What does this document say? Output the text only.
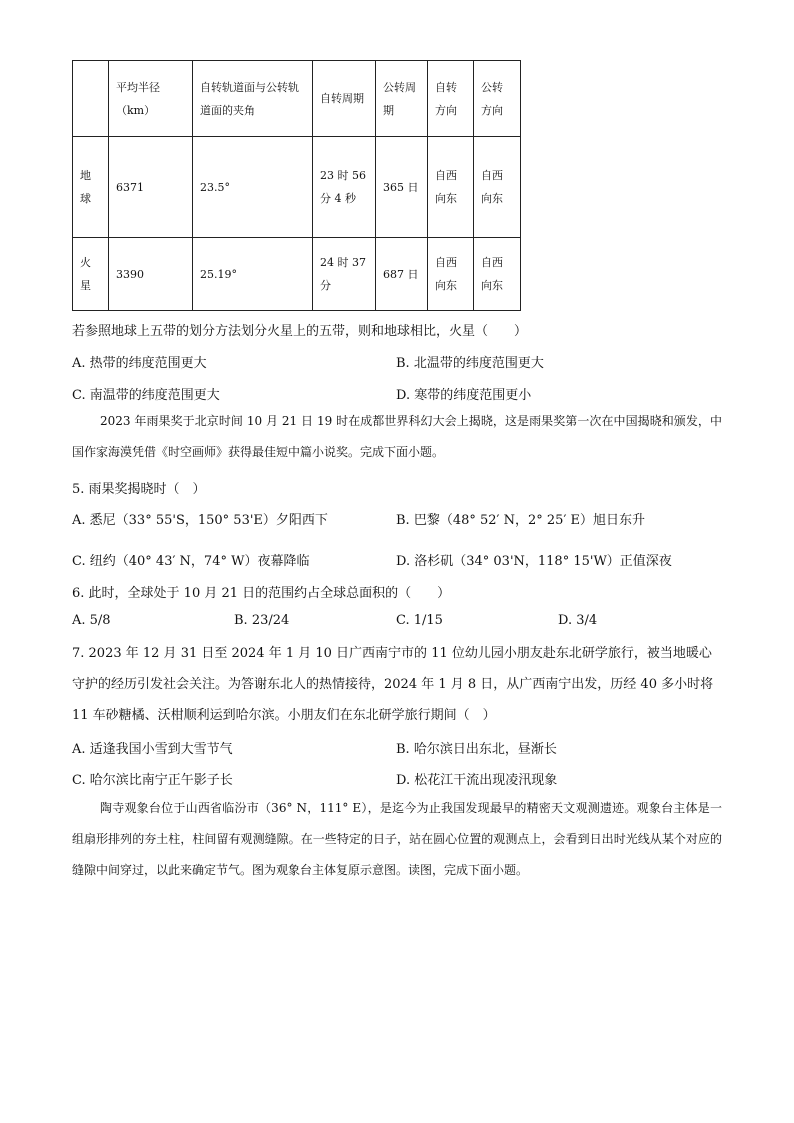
	平均半径（km）	自转轨道面与公转轨道面的夹角	自转周期	公转周期	自转方向	公转方向

地球	6371	23.5°	23 时 56 分 4 秒	365 日	自西向东	自西向东

火星	3390	25.19°	24 时 37 分	687 日	自西向东	自西向东
若参照地球上五带的划分方法划分火星上的五带，则和地球相比，火星（　　）
A. 热带的纬度范围更大	B. 北温带的纬度范围更大
C. 南温带的纬度范围更大	D. 寒带的纬度范围更小
2023 年雨果奖于北京时间 10 月 21 日 19 时在成都世界科幻大会上揭晓，这是雨果奖第一次在中国揭晓和颁发，中国作家海漠凭借《时空画师》获得最佳短中篇小说奖。完成下面小题。
5. 雨果奖揭晓时（　）
A. 悉尼（33° 55'S，150° 53'E）夕阳西下	B. 巴黎（48° 52′ N，2° 25′ E）旭日东升
C. 纽约（40° 43′ N，74° W）夜幕降临	D. 洛杉矶（34° 03'N，118° 15'W）正值深夜
6. 此时，全球处于 10 月 21 日的范围约占全球总面积的（　　）
A. 5/8	B. 23/24	C. 1/15	D. 3/4
7. 2023 年 12 月 31 日至 2024 年 1 月 10 日广西南宁市的 11 位幼儿园小朋友赴东北研学旅行，被当地暖心守护的经历引发社会关注。为答谢东北人的热情接待，2024 年 1 月 8 日，从广西南宁出发，历经 40 多小时将 11 车砂糖橘、沃柑顺利运到哈尔滨。小朋友们在东北研学旅行期间（　）
A. 适逢我国小雪到大雪节气	B. 哈尔滨日出东北，昼渐长
C. 哈尔滨比南宁正午影子长	D. 松花江干流出现凌汛现象
陶寺观象台位于山西省临汾市（36° N，111° E），是迄今为止我国发现最早的精密天文观测遗迹。观象台主体是一组扇形排列的夯土柱，柱间留有观测缝隙。在一些特定的日子，站在圆心位置的观测点上，会看到日出时光线从某个对应的缝隙中间穿过，以此来确定节气。图为观象台主体复原示意图。读图，完成下面小题。
